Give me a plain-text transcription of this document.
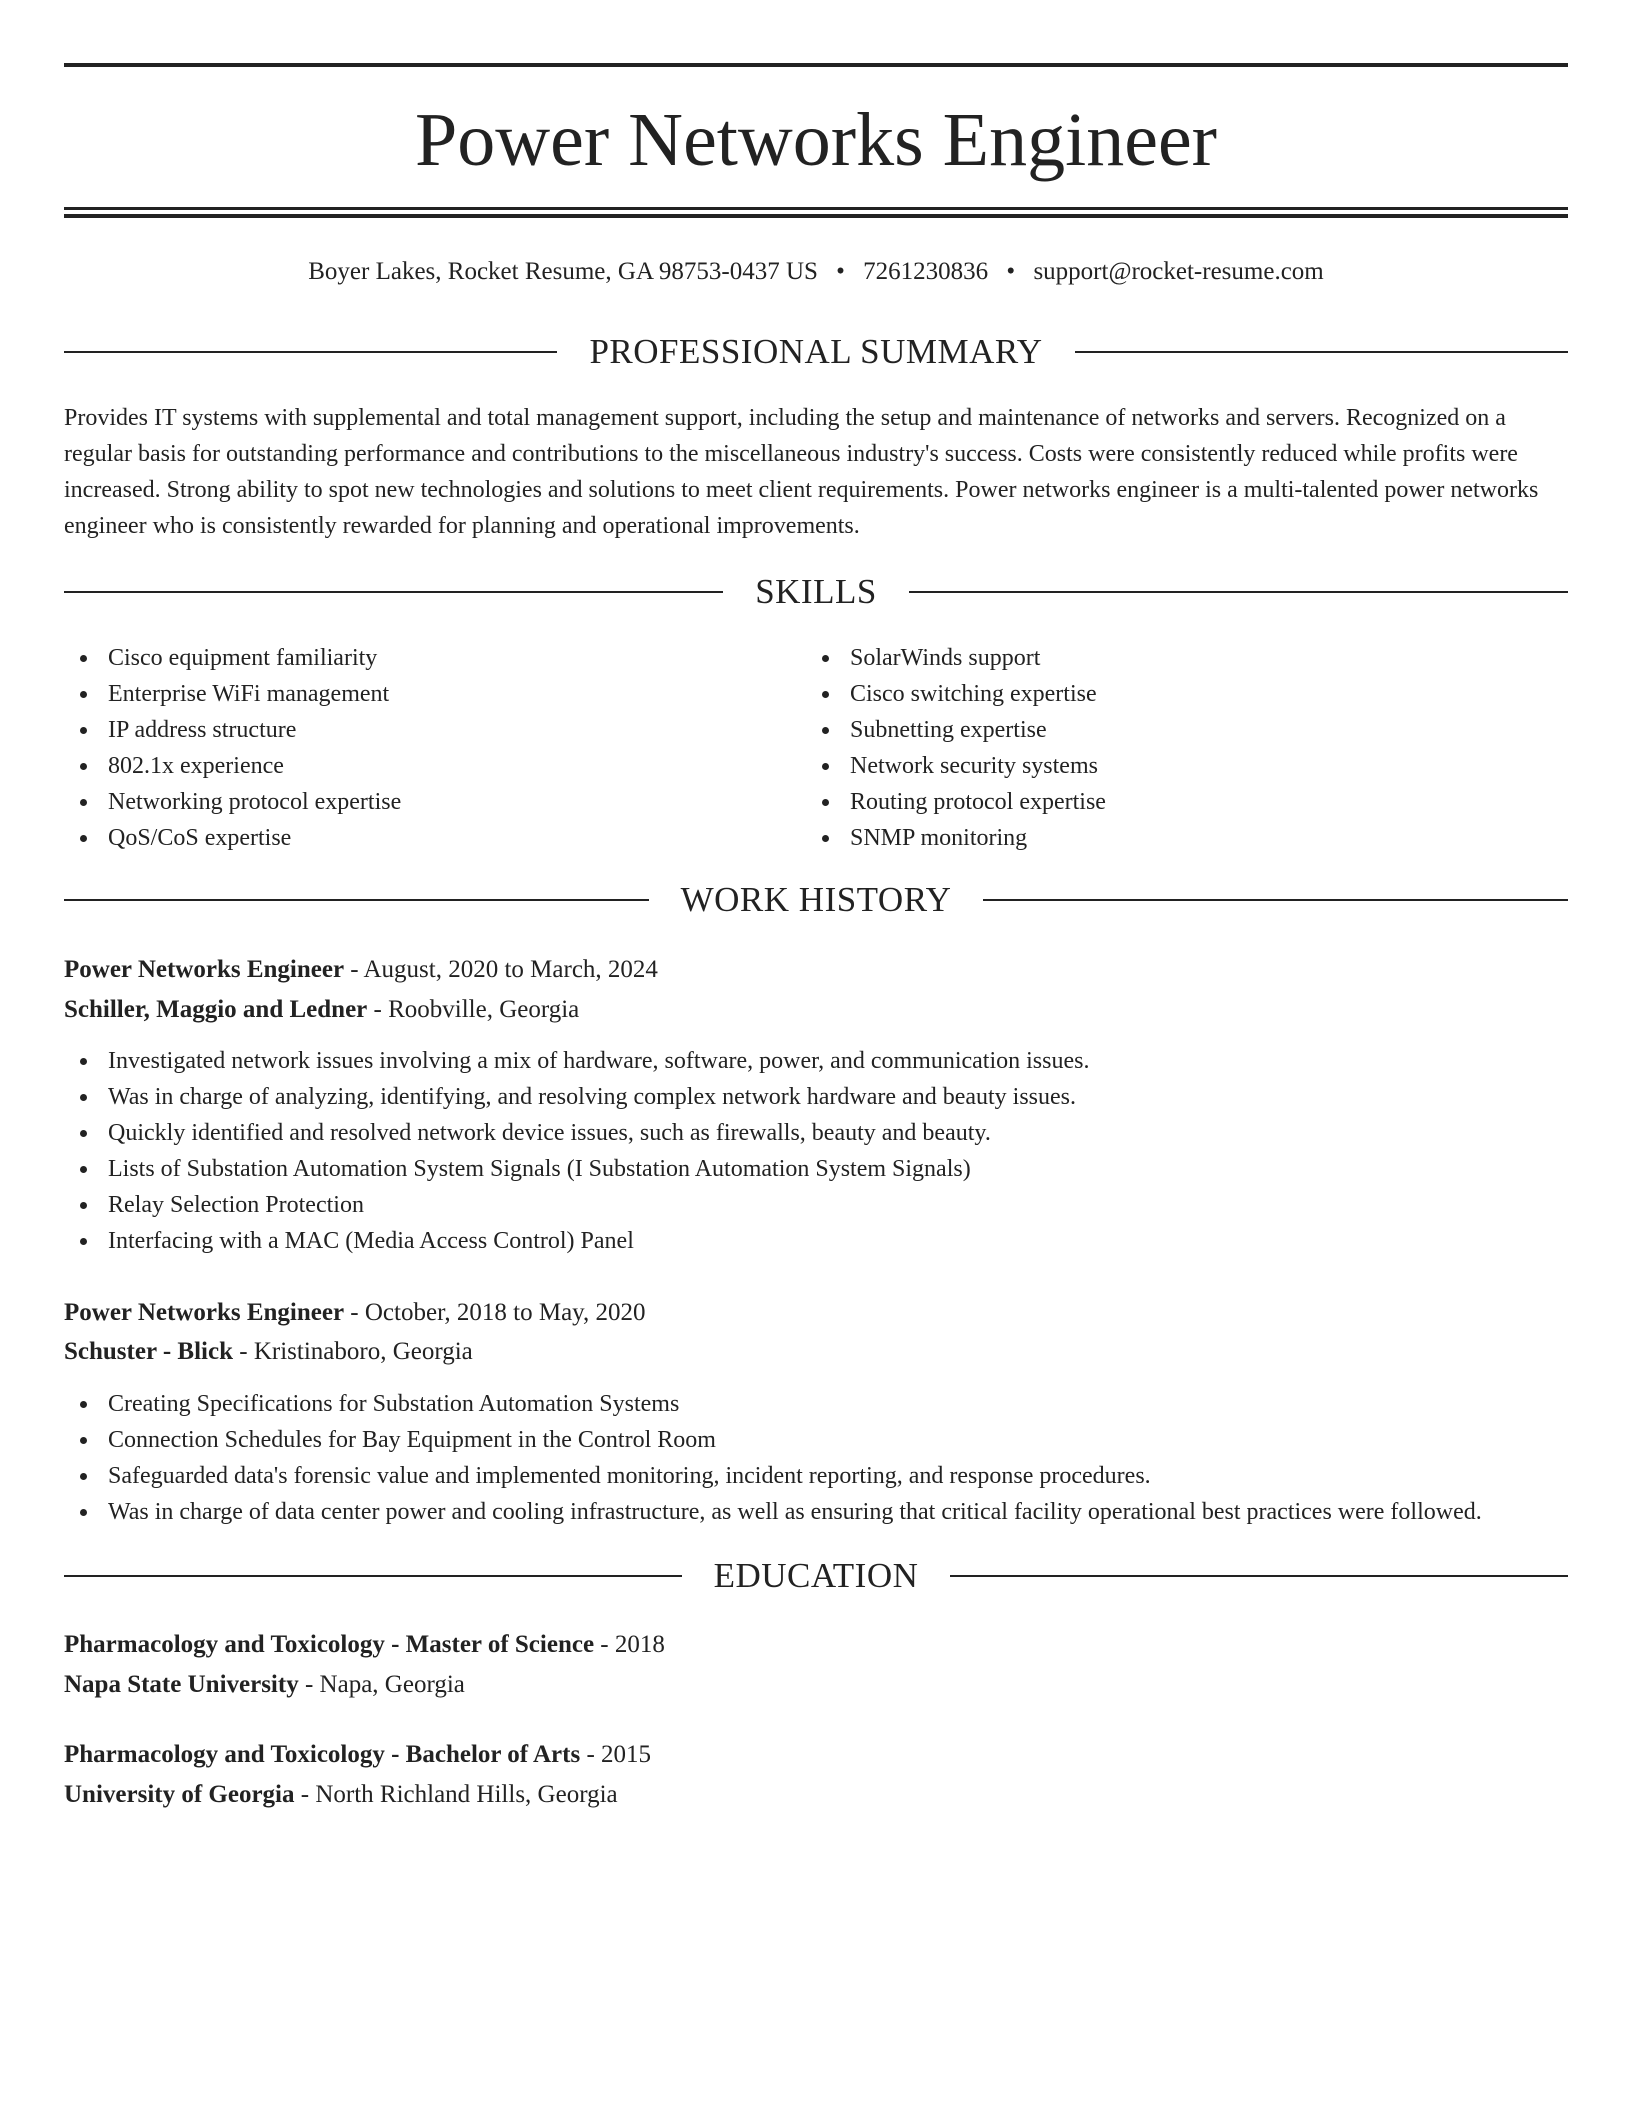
Power Networks Engineer
Boyer Lakes, Rocket Resume, GA 98753-0437 US • 7261230836 • support@rocket-resume.com
PROFESSIONAL SUMMARY

Provides IT systems with supplemental and total management support, including the setup and maintenance of networks and servers. Recognized on a regular basis for outstanding performance and contributions to the miscellaneous industry's success. Costs were consistently reduced while profits were increased. Strong ability to spot new technologies and solutions to meet client requirements. Power networks engineer is a multi-talented power networks engineer who is consistently rewarded for planning and operational improvements.

SKILLS
Cisco equipment familiarity
Enterprise WiFi management
IP address structure
802.1x experience
Networking protocol expertise
QoS/CoS expertise
SolarWinds support
Cisco switching expertise
Subnetting expertise
Network security systems
Routing protocol expertise
SNMP monitoring
WORK HISTORY
Power Networks Engineer - August, 2020 to March, 2024
Schiller, Maggio and Ledner - Roobville, Georgia
Investigated network issues involving a mix of hardware, software, power, and communication issues.
Was in charge of analyzing, identifying, and resolving complex network hardware and beauty issues.
Quickly identified and resolved network device issues, such as firewalls, beauty and beauty.
Lists of Substation Automation System Signals (I Substation Automation System Signals)
Relay Selection Protection
Interfacing with a MAC (Media Access Control) Panel
Power Networks Engineer - October, 2018 to May, 2020
Schuster - Blick - Kristinaboro, Georgia
Creating Specifications for Substation Automation Systems
Connection Schedules for Bay Equipment in the Control Room
Safeguarded data's forensic value and implemented monitoring, incident reporting, and response procedures.
Was in charge of data center power and cooling infrastructure, as well as ensuring that critical facility operational best practices were followed.
EDUCATION
Pharmacology and Toxicology - Master of Science - 2018
Napa State University - Napa, Georgia
Pharmacology and Toxicology - Bachelor of Arts - 2015
University of Georgia - North Richland Hills, Georgia
